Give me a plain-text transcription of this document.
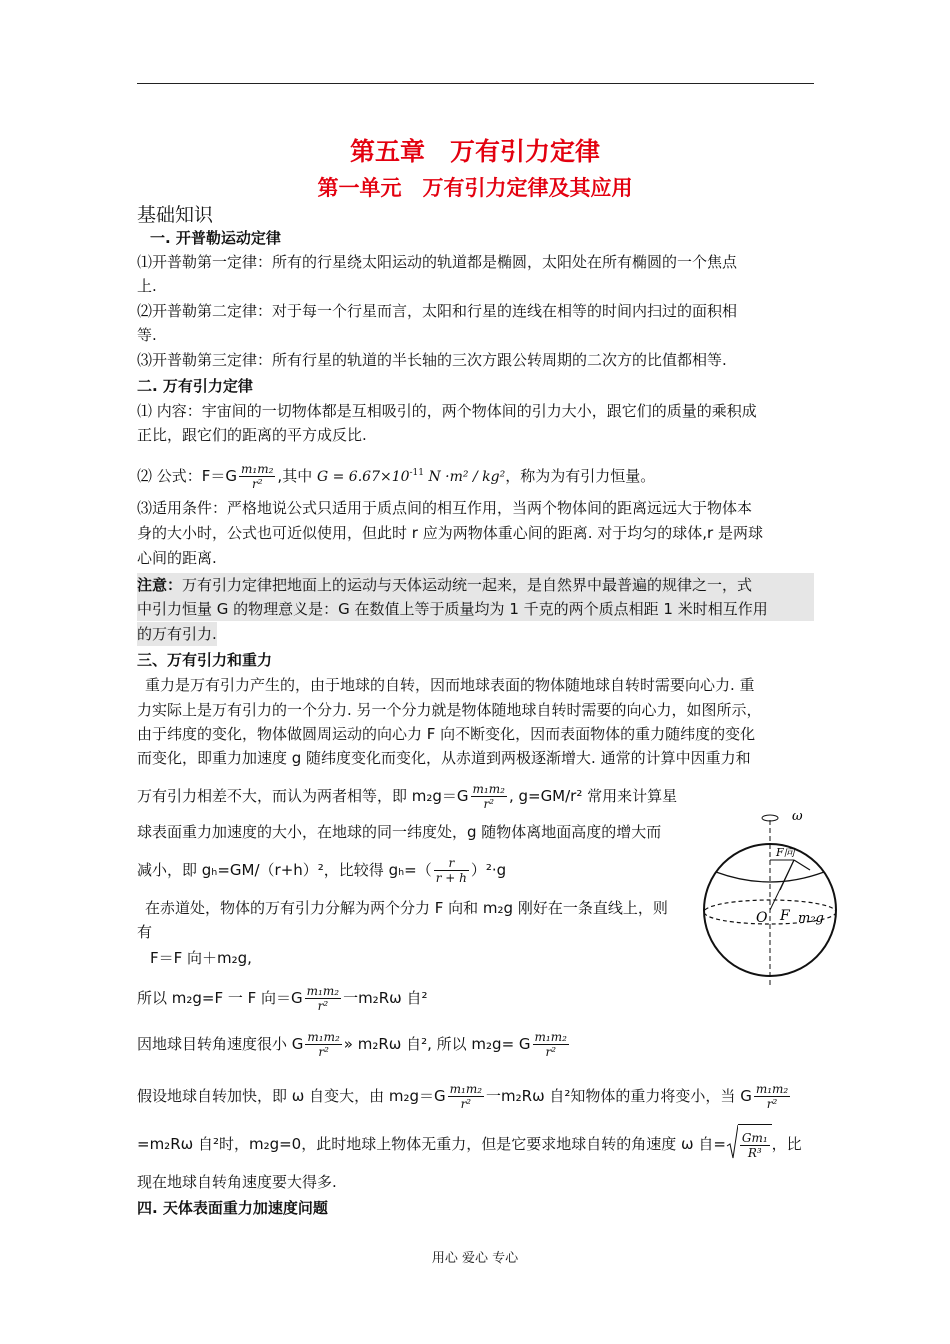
第五章　万有引力定律
第一单元　万有引力定律及其应用
基础知识
一. 开普勒运动定律
⑴开普勒第一定律：所有的行星绕太阳运动的轨道都是椭圆，太阳处在所有椭圆的一个焦点
上.
⑵开普勒第二定律：对于每一个行星而言，太阳和行星的连线在相等的时间内扫过的面积相
等.
⑶开普勒第三定律：所有行星的轨道的半长轴的三次方跟公转周期的二次方的比值都相等.
二. 万有引力定律
⑴ 内容：宇宙间的一切物体都是互相吸引的，两个物体间的引力大小，跟它们的质量的乘积成
正比，跟它们的距离的平方成反比.
⑵ 公式：$F=G \frac{\text{m₁m₂}}{\text{r²}}$ ,其中 $G = 6.67\times 10^{-11}$ N ·m² / kg²，称为为有引力恒量。
⑶适用条件：严格地说公式只适用于质点间的相互作用，当两个物体间的距离远远大于物体本
身的大小时，公式也可近似使用，但此时 r 应为两物体重心间的距离. 对于均匀的球体,r 是两球
心间的距离.
注意：万有引力定律把地面上的运动与天体运动统一起来，是自然界中最普遍的规律之一，式
中引力恒量 G 的物理意义是：G 在数值上等于质量均为 1 千克的两个质点相距 1 米时相互作用
的万有引力.
三、万有引力和重力
重力是万有引力产生的，由于地球的自转，因而地球表面的物体随地球自转时需要向心力. 重
力实际上是万有引力的一个分力. 另一个分力就是物体随地球自转时需要的向心力，如图所示，
由于纬度的变化，物体做圆周运动的向心力 F 向不断变化，因而表面物体的重力随纬度的变化
而变化，即重力加速度 g 随纬度变化而变化，从赤道到两极逐渐增大. 通常的计算中因重力和
万有引力相差不大，而认为两者相等，即 $m_2g=G \frac{\text{m₁m₂}}{\text{r²}}$ , g=GM/r² 常用来计算星
球表面重力加速度的大小，在地球的同一纬度处，g 随物体离地面高度的增大而
减小，即 gₕ=GM/（r+h）²，比较得 $g_h=( \frac{r}{r + h} )^2\cdot g$
在赤道处，物体的万有引力分解为两个分力 F 向和 m₂g 刚好在一条直线上，则
有
F＝F 向＋m₂g,
所以 m₂g=F 一 F 向$=G \frac{\text{m₁m₂}}{\text{r²}}$ 一m₂Rω 自²
因地球目转角速度很小 G $\frac{\text{m₁m₂}}{\text{r²}}$ » m₂Rω 自², 所以 m₂g= G $\frac{\text{m₁m₂}}{\text{r²}}$
假设地球自转加快，即 ω 自变大，由 $m_2g=G \frac{\text{m₁m₂}}{\text{r²}}$ 一m₂Rω 自²知物体的重力将变小，当 G $\frac{\text{m₁m₂}}{\text{r²}}$
=m₂Rω 自²时，m₂g=0，此时地球上物体无重力，但是它要求地球自转的角速度 ω 自= $\frac{\text{Gm₁}}{\text{R³}}$ ，比
现在地球自转角速度要大得多.
四. 天体表面重力加速度问题
ω
F向
O F m₂g
用心 爱心 专心
